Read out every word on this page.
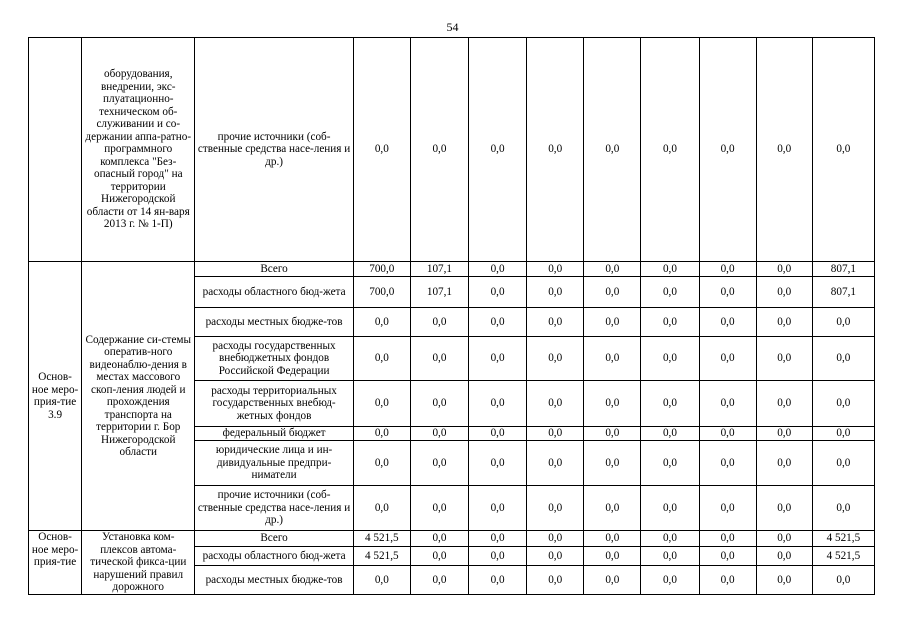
54
	оборудования, внедрении, экс-плуатационно-техническом об-служивании и со-держании аппа-ратно-программного комплекса "Без-опасный город" на территории Нижегородской области от 14 ян-варя 2013 г. № 1-П)	прочие источники (соб-ственные средства насе-ления и др.)	0,0	0,0	0,0	0,0	0,0	0,0	0,0	0,0	0,0
Основ-ное меро-прия-тие 3.9	Содержание си-стемы оператив-ного видеонаблю-дения в местах массового скоп-ления людей и прохождения транспорта на территории г. Бор Нижегородской области	Всего	700,0	107,1	0,0	0,0	0,0	0,0	0,0	0,0	807,1
		расходы областного бюд-жета	700,0	107,1	0,0	0,0	0,0	0,0	0,0	0,0	807,1
		расходы местных бюдже-тов	0,0	0,0	0,0	0,0	0,0	0,0	0,0	0,0	0,0
		расходы государственных внебюджетных фондов Российской Федерации	0,0	0,0	0,0	0,0	0,0	0,0	0,0	0,0	0,0
		расходы территориальных государственных внебюд-жетных фондов	0,0	0,0	0,0	0,0	0,0	0,0	0,0	0,0	0,0
		федеральный бюджет	0,0	0,0	0,0	0,0	0,0	0,0	0,0	0,0	0,0
		юридические лица и ин-дивидуальные предпри-ниматели	0,0	0,0	0,0	0,0	0,0	0,0	0,0	0,0	0,0
		прочие источники (соб-ственные средства насе-ления и др.)	0,0	0,0	0,0	0,0	0,0	0,0	0,0	0,0	0,0
Основ-ное меро-прия-тие	Установка ком-плексов автома-тической фикса-ции нарушений правил дорожного	Всего	4 521,5	0,0	0,0	0,0	0,0	0,0	0,0	0,0	4 521,5
		расходы областного бюд-жета	4 521,5	0,0	0,0	0,0	0,0	0,0	0,0	0,0	4 521,5
		расходы местных бюдже-тов	0,0	0,0	0,0	0,0	0,0	0,0	0,0	0,0	0,0
